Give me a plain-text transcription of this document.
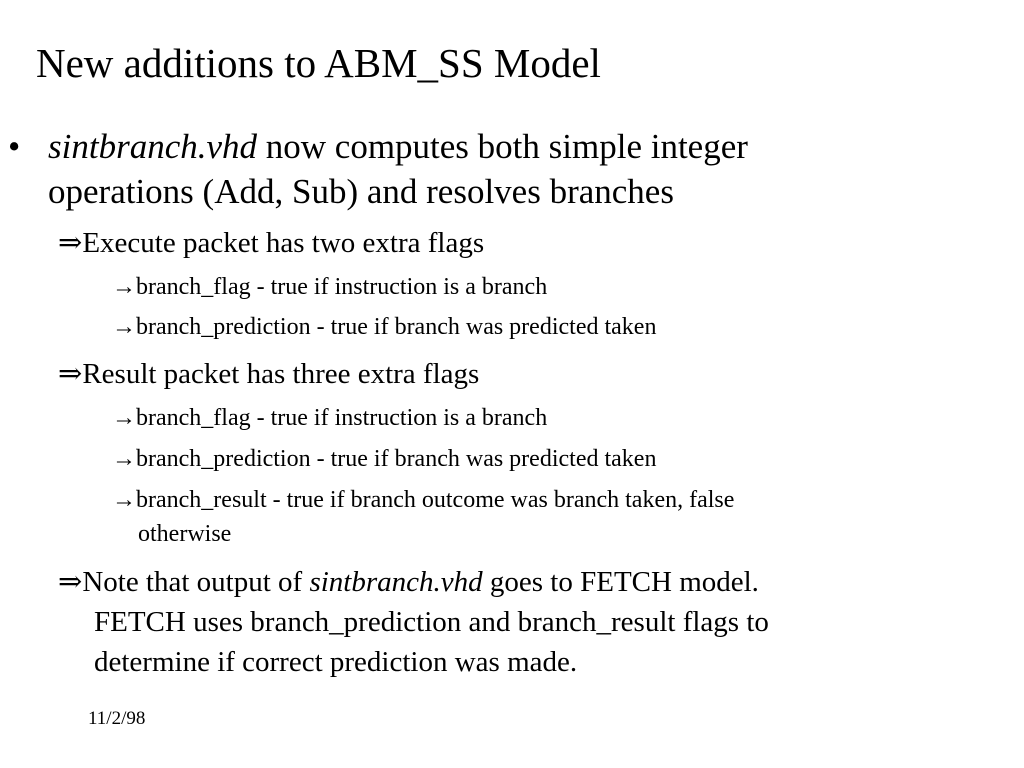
New additions to ABM_SS Model
• sintbranch.vhd now computes both simple integer
operations (Add, Sub) and resolves branches
⇒Execute packet has two extra flags
→branch_flag - true if instruction is a branch
→branch_prediction - true if branch was predicted taken
⇒Result packet has three extra flags
→branch_flag - true if instruction is a branch
→branch_prediction - true if branch was predicted taken
→branch_result - true if branch outcome was branch taken, false
otherwise
⇒Note that output of sintbranch.vhd goes to FETCH model.
FETCH uses branch_prediction and branch_result flags to
determine if correct prediction was made.
11/2/98
